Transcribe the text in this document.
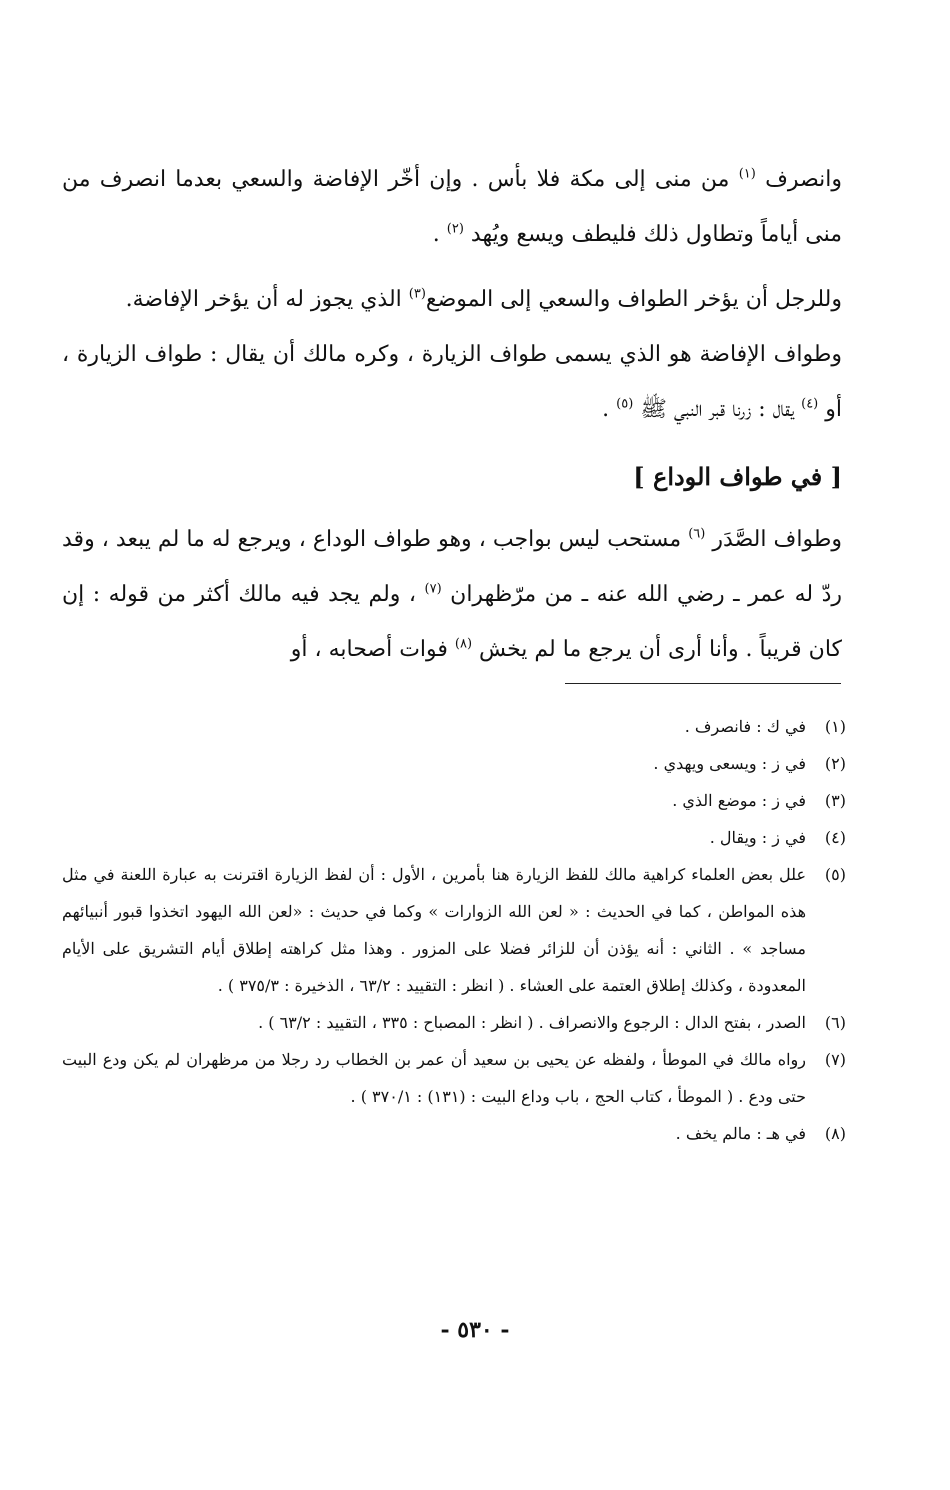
وانصرف $^{(١)}$ من منى إلى مكة فلا بأس . وإن أخّر الإفاضة والسعي بعدما انصرف من منى أياماً وتطاول ذلك فليطف ويسع ويُهد $^{(٢)}$ .

وللرجل أن يؤخر الطواف والسعي إلى الموضع$^{(٣)}$ الذي يجوز له أن يؤخر الإفاضة.

وطواف الإفاضة هو الذي يسمى طواف الزيارة ، وكره مالك أن يقال : طواف الزيارة ، أو $^{(٤)}$ يقال : زرنا قبر النبي ﷺ $^{(٥)}$ .

[ في طواف الوداع ]

وطواف الصَّدَر $^{(٦)}$ مستحب ليس بواجب ، وهو طواف الوداع ، ويرجع له ما لم يبعد ، وقد ردّ له عمر ـ رضي الله عنه ـ من مرّظهران $^{(٧)}$ ، ولم يجد فيه مالك أكثر من قوله : إن كان قريباً . وأنا أرى أن يرجع ما لم يخش $^{(٨)}$ فوات أصحابه ، أو

(١)
في ك : فانصرف .
(٢)
في ز : ويسعى ويهدي .
(٣)
في ز : موضع الذي .
(٤)
في ز : ويقال .
(٥)
علل بعض العلماء كراهية مالك للفظ الزيارة هنا بأمرين ، الأول : أن لفظ الزيارة اقترنت به عبارة اللعنة في مثل هذه المواطن ، كما في الحديث : « لعن الله الزوارات » وكما في حديث : «لعن الله اليهود اتخذوا قبور أنبيائهم مساجد » . الثاني : أنه يؤذن أن للزائر فضلا على المزور . وهذا مثل كراهته إطلاق أيام التشريق على الأيام المعدودة ، وكذلك إطلاق العتمة على العشاء . ( انظر : التقييد : ٦٣/٢ ، الذخيرة : ٣٧٥/٣ ) .
(٦)
الصدر ، بفتح الدال : الرجوع والانصراف . ( انظر : المصباح : ٣٣٥ ، التقييد : ٦٣/٢ ) .
(٧)
رواه مالك في الموطأ ، ولفظه عن يحيى بن سعيد أن عمر بن الخطاب رد رجلا من مرظهران لم يكن ودع البيت حتى ودع . ( الموطأ ، كتاب الحج ، باب وداع البيت : (١٣١) : ٣٧٠/١ ) .
(٨)
في هـ : مالم يخف .
- ٥٣٠ -
